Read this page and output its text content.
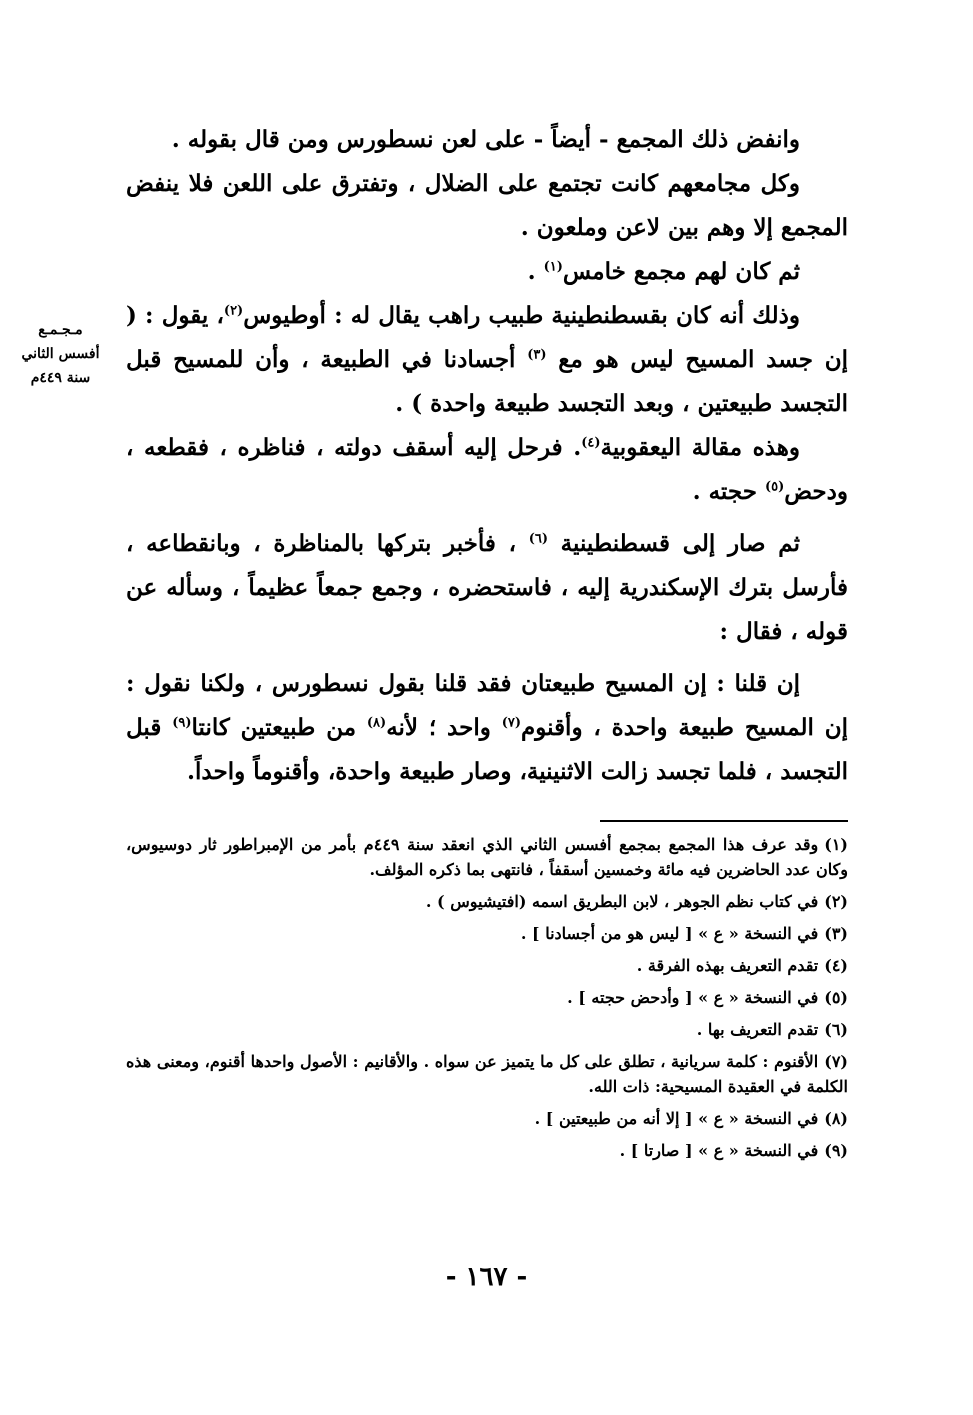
مـجـمـع
أفسس الثاني
سنة ٤٤٩م

وانفض ذلك المجمع - أيضاً - على لعن نسطورس ومن قال بقوله .

وكل مجامعهم كانت تجتمع على الضلال ، وتفترق على اللعن فلا ينفض المجمع إلا وهم بين لاعن وملعون .

ثم كان لهم مجمع خامس$^{(١)}$ .

وذلك أنه كان بقسطنطينية طبيب راهب يقال له : أوطيوس$^{(٢)}$، يقول : ( إن جسد المسيح ليس هو مع $^{(٣)}$ أجسادنا في الطبيعة ، وأن للمسيح قبل التجسد طبيعتين ، وبعد التجسد طبيعة واحدة ) .

وهذه مقالة اليعقوبية$^{(٤)}$. فرحل إليه أسقف دولته ، فناظره ، فقطعه ، ودحض$^{(٥)}$ حجته .

ثم صار إلى قسطنطينية $^{(٦)}$ ، فأخبر بتركها بالمناظرة ، وبانقطاعه ، فأرسل بترك الإسكندرية إليه ، فاستحضره ، وجمع جمعاً عظيماً ، وسأله عن قوله ، فقال :

إن قلنا : إن المسيح طبيعتان فقد قلنا بقول نسطورس ، ولكنا نقول : إن المسيح طبيعة واحدة ، وأقنوم$^{(٧)}$ واحد ؛ لأنه$^{(٨)}$ من طبيعتين كانتا$^{(٩)}$ قبل التجسد ، فلما تجسد زالت الاثنينية، وصار طبيعة واحدة، وأقنوماً واحداً.

(١)وقد عرف هذا المجمع بمجمع أفسس الثاني الذي انعقد سنة ٤٤٩م بأمر من الإمبراطور ثار دوسيوس، وكان عدد الحاضرين فيه مائة وخمسين أسقفاً ، فانتهى بما ذكره المؤلف.

(٢)في كتاب نظم الجوهر ، لابن البطريق اسمه (افتيشيوس ) .

(٣)في النسخة « ع » [ ليس هو من أجسادنا ] .

(٤)تقدم التعريف بهذه الفرقة .

(٥)في النسخة « ع » [ وأدحض حجته ] .

(٦)تقدم التعريف بها .

(٧)الأقنوم : كلمة سريانية ، تطلق على كل ما يتميز عن سواه . والأقانيم : الأصول واحدها أقنوم، ومعنى هذه الكلمة في العقيدة المسيحية: ذات الله.

(٨)في النسخة « ع » [ إلا أنه من طبيعتين ] .

(٩)في النسخة « ع » [ صارتا ] .

- ١٦٧ -
